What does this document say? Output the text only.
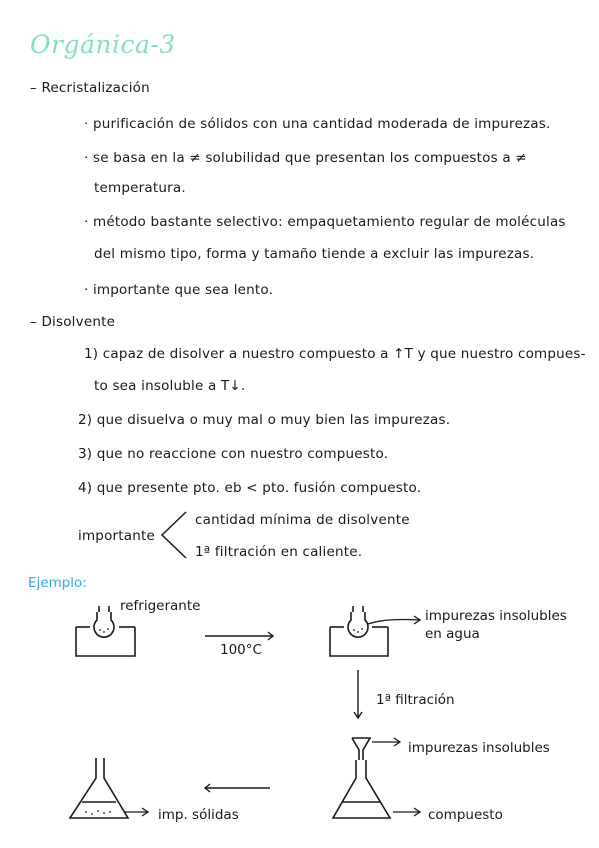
Orgánica-3
– Recristalización
· purificación de sólidos con una cantidad moderada de impurezas.
· se basa en la ≠ solubilidad que presentan los compuestos a ≠
temperatura.
· método bastante selectivo: empaquetamiento regular de moléculas
del mismo tipo, forma y tamaño tiende a excluir las impurezas.
· importante que sea lento.
– Disolvente
1) capaz de disolver a nuestro compuesto a ↑T y que nuestro compues-
to sea insoluble a T↓.
2) que disuelva o muy mal o muy bien las impurezas.
3) que no reaccione con nuestro compuesto.
4) que presente pto. eb < pto. fusión compuesto.
importante
cantidad mínima de disolvente
1ª filtración en caliente.
Ejemplo:
refrigerante
100°C
impurezas insolubles
en agua
1ª filtración
impurezas insolubles
compuesto
imp. sólidas
